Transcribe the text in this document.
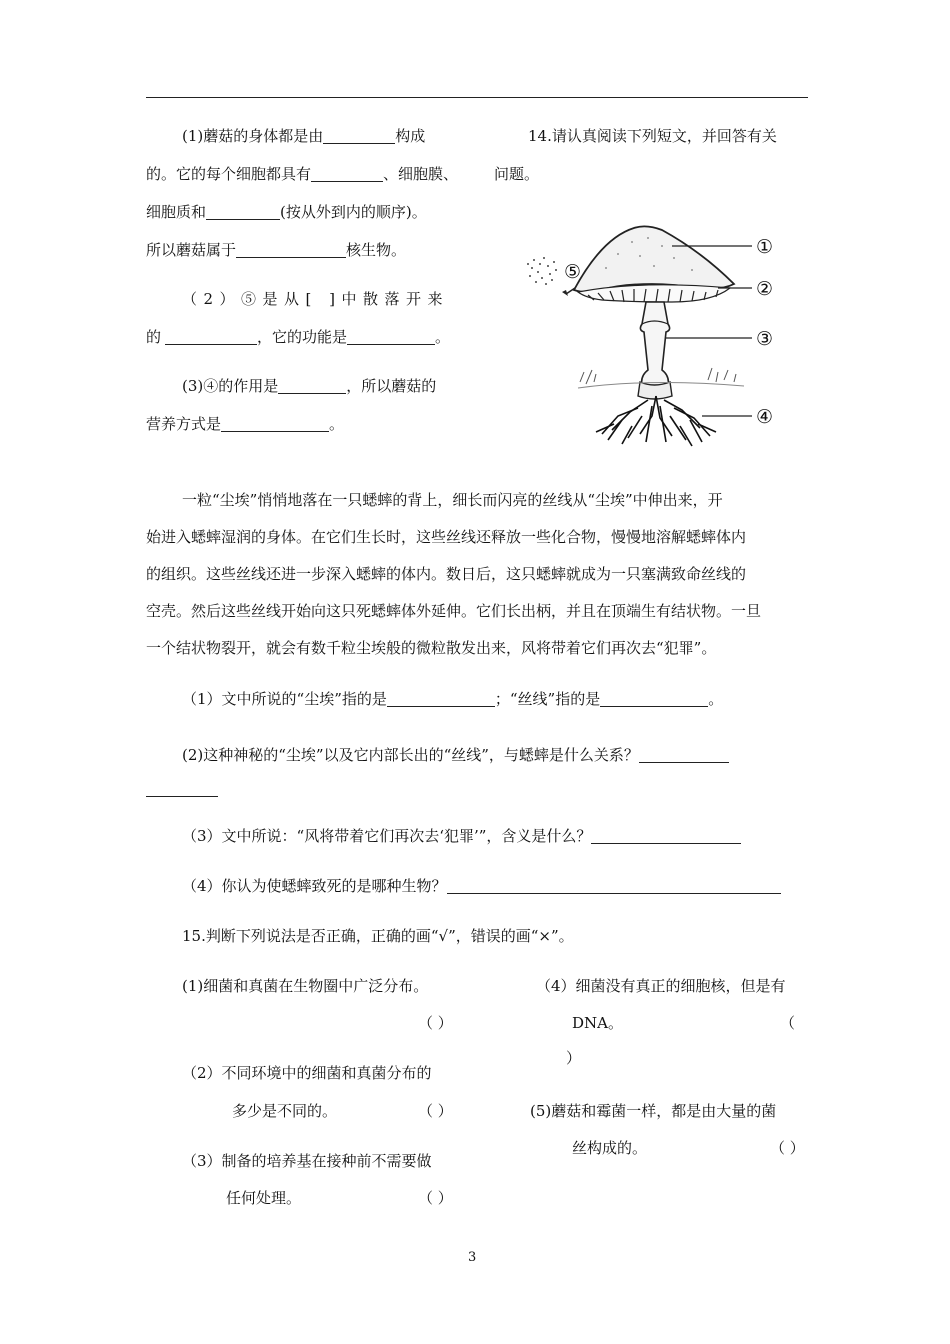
(1)蘑菇的身体都是由	构成
的。它的每个细胞都具有	、细胞膜、
细胞质和	(按从外到内的顺序)。
所以蘑菇属于	核生物。
（2）⑤是从[ ]中散落开来
的	，它的功能是	。
(3)④的作用是	，所以蘑菇的
营养方式是	。
14.请认真阅读下列短文，并回答有关
问题。
①
②
③
④
⑤
一粒“尘埃”悄悄地落在一只蟋蟀的背上，细长而闪亮的丝线从“尘埃”中伸出来，开
始进入蟋蟀湿润的身体。在它们生长时，这些丝线还释放一些化合物，慢慢地溶解蟋蟀体内
的组织。这些丝线还进一步深入蟋蟀的体内。数日后，这只蟋蟀就成为一只塞满致命丝线的
空壳。然后这些丝线开始向这只死蟋蟀体外延伸。它们长出柄，并且在顶端生有结状物。一旦
一个结状物裂开，就会有数千粒尘埃般的微粒散发出来，风将带着它们再次去“犯罪”。
（1）文中所说的“尘埃”指的是	；“丝线”指的是	。
(2)这种神秘的“尘埃”以及它内部长出的“丝线”，与蟋蟀是什么关系？
（3）文中所说：“风将带着它们再次去‘犯罪’”，含义是什么？
（4）你认为使蟋蟀致死的是哪种生物？
15.判断下列说法是否正确，正确的画“√”，错误的画“×”。
(1)细菌和真菌在生物圈中广泛分布。
（ ）
（2）不同环境中的细菌和真菌分布的
多少是不同的。	（ ）
（3）制备的培养基在接种前不需要做
任何处理。	（ ）
（4）细菌没有真正的细胞核，但是有
DNA。	（
）
(5)蘑菇和霉菌一样，都是由大量的菌
丝构成的。	（ ）
3
